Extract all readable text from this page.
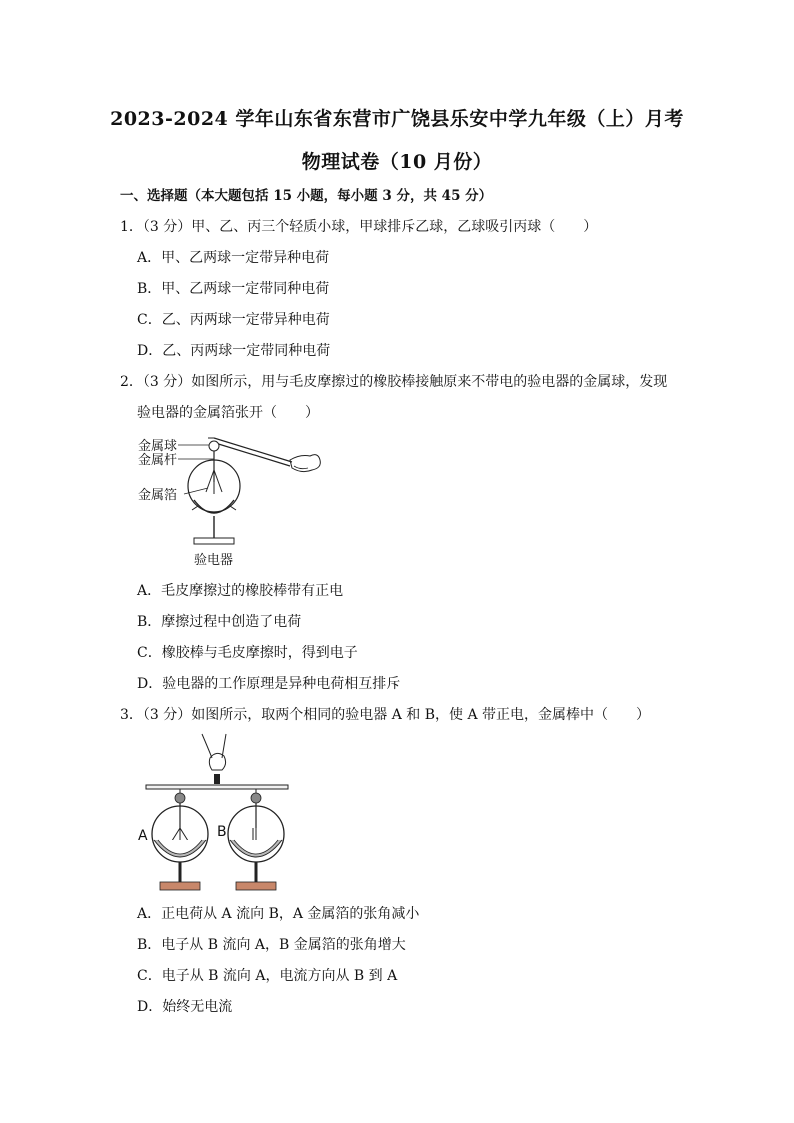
2023-2024 学年山东省东营市广饶县乐安中学九年级（上）月考
物理试卷（10 月份）
一、选择题（本大题包括 15 小题，每小题 3 分，共 45 分）
1．（3 分）甲、乙、丙三个轻质小球，甲球排斥乙球，乙球吸引丙球（　　）
A．甲、乙两球一定带异种电荷
B．甲、乙两球一定带同种电荷
C．乙、丙两球一定带异种电荷
D．乙、丙两球一定带同种电荷
2．（3 分）如图所示，用与毛皮摩擦过的橡胶棒接触原来不带电的验电器的金属球，发现
验电器的金属箔张开（　　）
金属球
金属杆
金属箔
验电器
A．毛皮摩擦过的橡胶棒带有正电
B．摩擦过程中创造了电荷
C．橡胶棒与毛皮摩擦时，得到电子
D．验电器的工作原理是异种电荷相互排斥
3．（3 分）如图所示，取两个相同的验电器 A 和 B，使 A 带正电，金属棒中（　　）
A	B
A．正电荷从 A 流向 B，A 金属箔的张角减小
B．电子从 B 流向 A，B 金属箔的张角增大
C．电子从 B 流向 A，电流方向从 B 到 A
D．始终无电流
